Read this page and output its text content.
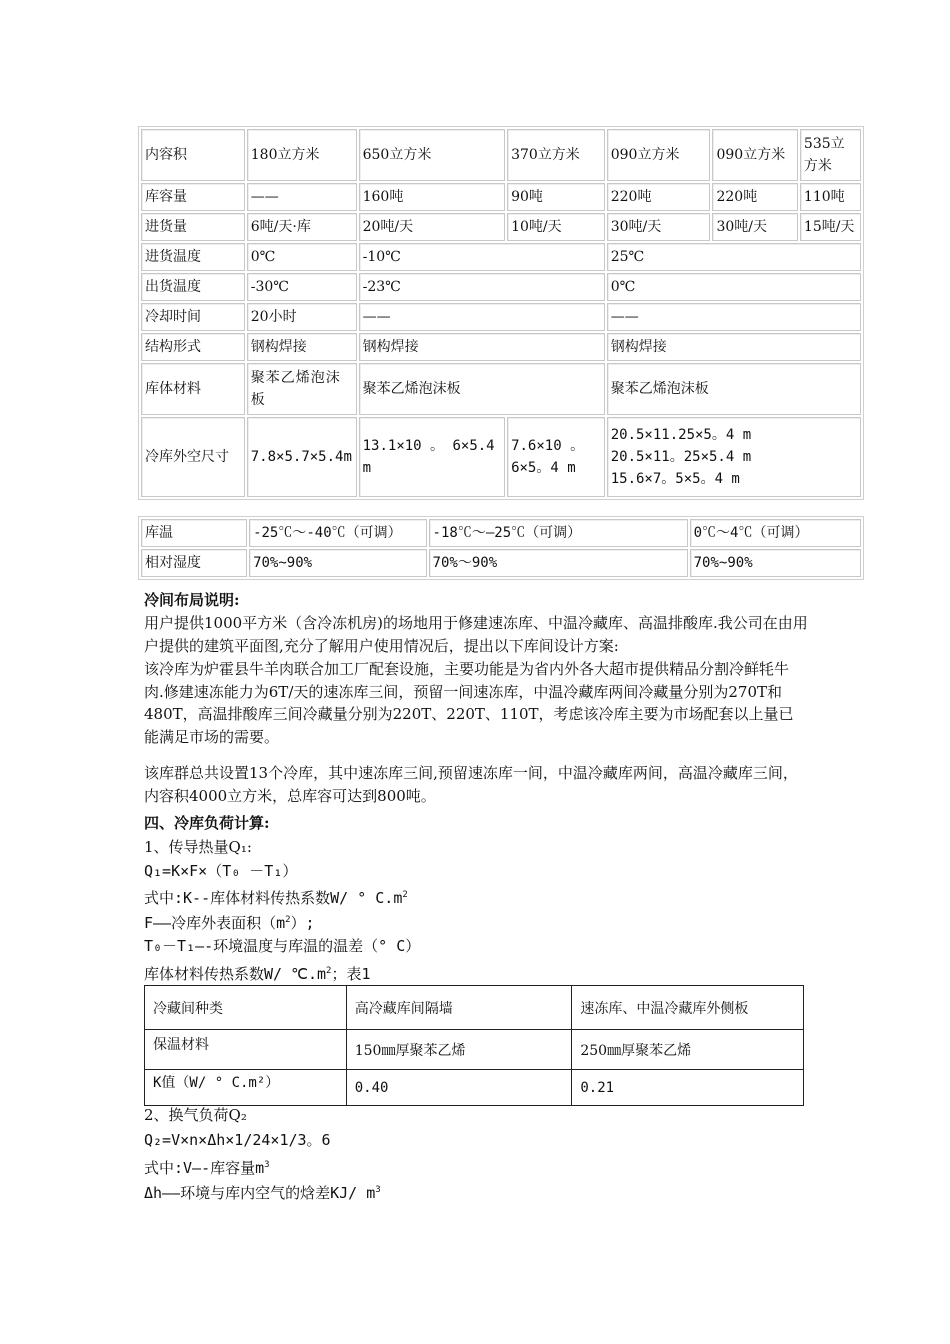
内容积	180立方米	650立方米	370立方米	090立方米	090立方米	535立方米
库容量	——	160吨	90吨	220吨	220吨	110吨
进货量	6吨/天·库	20吨/天	10吨/天	30吨/天	30吨/天	15吨/天
进货温度	0℃	-10℃		25℃		
出货温度	-30℃	-23℃		0℃		
冷却时间	20小时	——		——		
结构形式	钢构焊接	钢构焊接		钢构焊接		
库体材料	聚苯乙烯泡沫板	聚苯乙烯泡沫板		聚苯乙烯泡沫板		
冷库外空尺寸	7.8×5.7×5.4m	13.1×10 。 6×5.4m	7.6×10 。 6×5。4 m	20.5×11.25×5。4 m
20.5×11。25×5.4 m
15.6×7。5×5。4 m		
库温	-25℃～-40℃（可调）	-18℃～—25℃（可调）	0℃～4℃（可调）
相对湿度	70%~90%	70%～90%	70%~90%
冷间布局说明:
用户提供1000平方米（含冷冻机房)的场地用于修建速冻库、中温冷藏库、高温排酸库.我公司在由用户提供的建筑平面图,充分了解用户使用情况后，提出以下库间设计方案:
该冷库为炉霍县牛羊肉联合加工厂配套设施，主要功能是为省内外各大超市提供精品分割冷鲜牦牛肉.修建速冻能力为6T/天的速冻库三间，预留一间速冻库，中温冷藏库两间冷藏量分别为270T和480T，高温排酸库三间冷藏量分别为220T、220T、110T，考虑该冷库主要为市场配套以上量已能满足市场的需要。
该库群总共设置13个冷库，其中速冻库三间,预留速冻库一间，中温冷藏库两间，高温冷藏库三间，内容积4000立方米，总库容可达到800吨。
四、冷库负荷计算:
1、传导热量Q₁:
Q₁=K×F×（T₀ －T₁）
式中:K--库体材料传热系数W/ ° $C.m^2$
F——冷库外表面积$(m^2)$;
T₀－T₁—-环境温度与库温的温差（° C）
库体材料传热系数W/ $℃.m^2$；表1
冷藏间种类	高冷藏库间隔墙	速冻库、中温冷藏库外侧板
保温材料	150㎜厚聚苯乙烯	250㎜厚聚苯乙烯
K值（W/ ° C.m²）	0.40	0.21
2、换气负荷Q₂
Q₂=V×n×Δh×1/24×1/3。6
式中:V—-库容量$m^3$
Δh——环境与库内空气的焓差KJ/ $m^3$
